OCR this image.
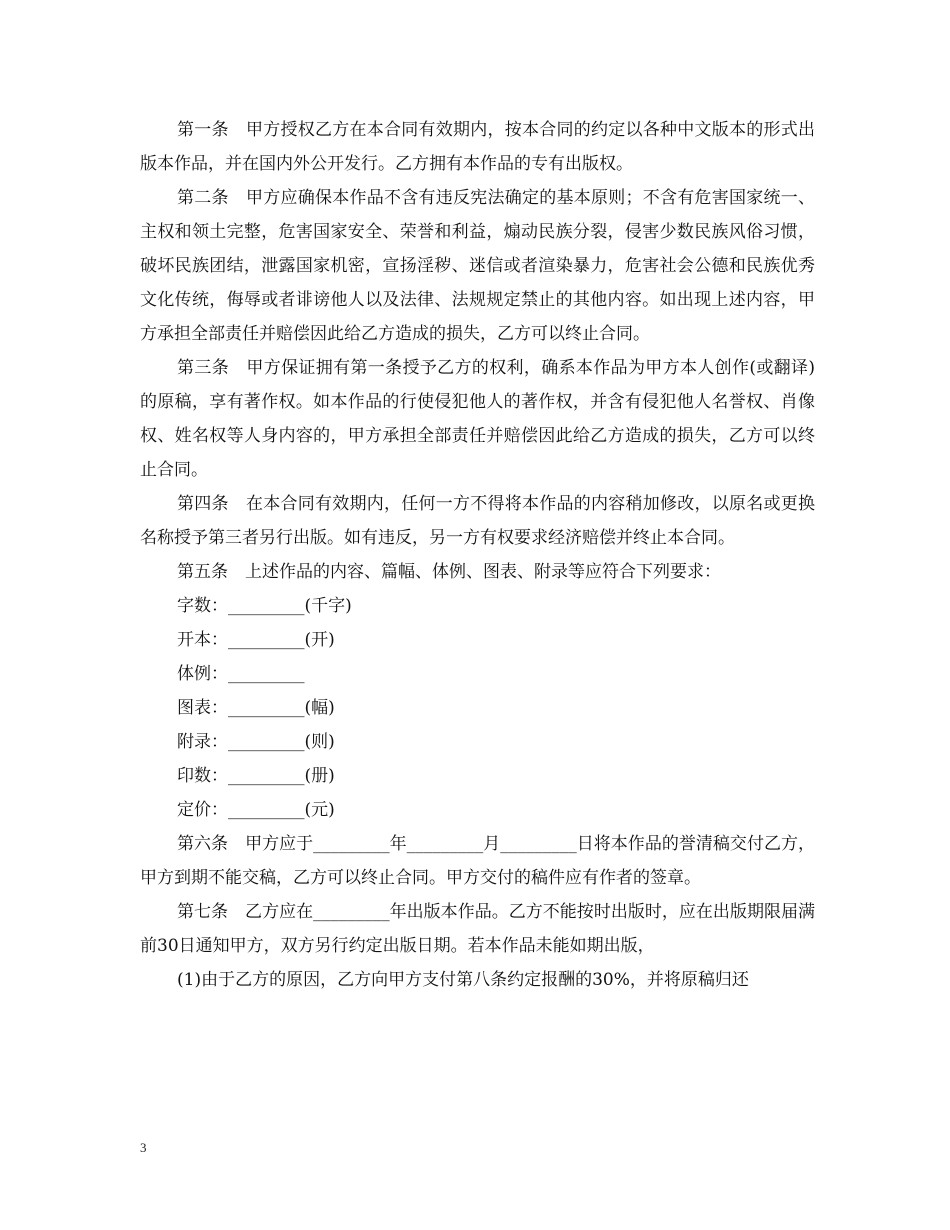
第一条　甲方授权乙方在本合同有效期内，按本合同的约定以各种中文版本的形式出版本作品，并在国内外公开发行。乙方拥有本作品的专有出版权。

第二条　甲方应确保本作品不含有违反宪法确定的基本原则；不含有危害国家统一、主权和领土完整，危害国家安全、荣誉和利益，煽动民族分裂，侵害少数民族风俗习惯，破坏民族团结，泄露国家机密，宣扬淫秽、迷信或者渲染暴力，危害社会公德和民族优秀文化传统，侮辱或者诽谤他人以及法律、法规规定禁止的其他内容。如出现上述内容，甲方承担全部责任并赔偿因此给乙方造成的损失，乙方可以终止合同。

第三条　甲方保证拥有第一条授予乙方的权利，确系本作品为甲方本人创作(或翻译)的原稿，享有著作权。如本作品的行使侵犯他人的著作权，并含有侵犯他人名誉权、肖像权、姓名权等人身内容的，甲方承担全部责任并赔偿因此给乙方造成的损失，乙方可以终止合同。

第四条　在本合同有效期内，任何一方不得将本作品的内容稍加修改，以原名或更换名称授予第三者另行出版。如有违反，另一方有权要求经济赔偿并终止本合同。

第五条　上述作品的内容、篇幅、体例、图表、附录等应符合下列要求：

字数：_________(千字)

开本：_________(开)

体例：_________

图表：_________(幅)

附录：_________(则)

印数：_________(册)

定价：_________(元)

第六条　甲方应于_________年_________月_________日将本作品的誉清稿交付乙方，甲方到期不能交稿，乙方可以终止合同。甲方交付的稿件应有作者的签章。

第七条　乙方应在_________年出版本作品。乙方不能按时出版时，应在出版期限届满前30日通知甲方，双方另行约定出版日期。若本作品未能如期出版，

(1)由于乙方的原因，乙方向甲方支付第八条约定报酬的30%，并将原稿归还

3
